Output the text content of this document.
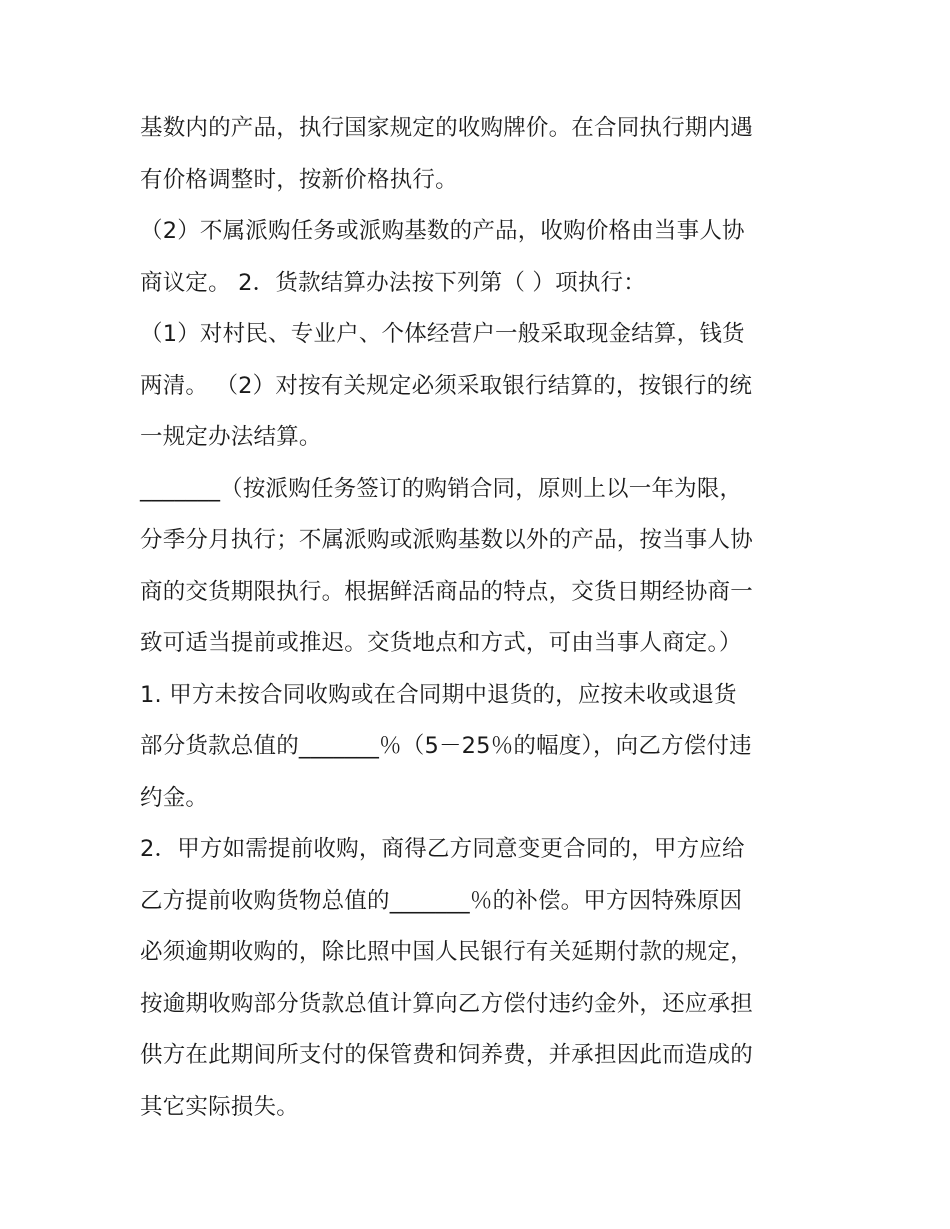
基数内的产品，执行国家规定的收购牌价。在合同执行期内遇
有价格调整时，按新价格执行。
（2）不属派购任务或派购基数的产品，收购价格由当事人协
商议定。 2．货款结算办法按下列第（ ）项执行：
（1）对村民、专业户、个体经营户一般采取现金结算，钱货
两清。 （2）对按有关规定必须采取银行结算的，按银行的统
一规定办法结算。
_______（按派购任务签订的购销合同，原则上以一年为限，
分季分月执行；不属派购或派购基数以外的产品，按当事人协
商的交货期限执行。根据鲜活商品的特点，交货日期经协商一
致可适当提前或推迟。交货地点和方式，可由当事人商定。）
1. 甲方未按合同收购或在合同期中退货的，应按未收或退货
部分货款总值的_______％（5－25％的幅度），向乙方偿付违
约金。
2．甲方如需提前收购，商得乙方同意变更合同的，甲方应给
乙方提前收购货物总值的_______％的补偿。甲方因特殊原因
必须逾期收购的，除比照中国人民银行有关延期付款的规定，
按逾期收购部分货款总值计算向乙方偿付违约金外，还应承担
供方在此期间所支付的保管费和饲养费，并承担因此而造成的
其它实际损失。
